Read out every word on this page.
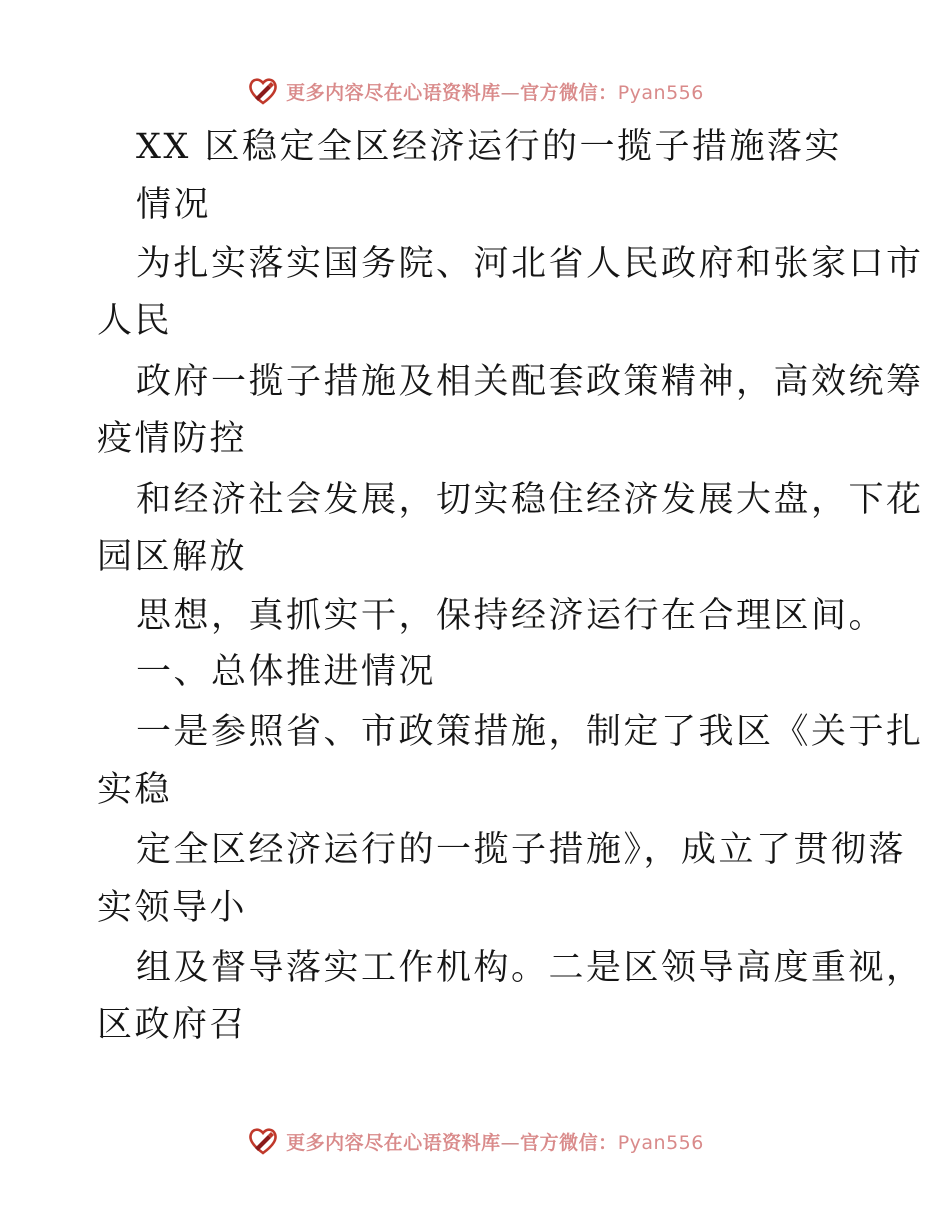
更多内容尽在心语资料库—官方微信：Pyan556
XX 区稳定全区经济运行的一揽子措施落实
情况
为扎实落实国务院、河北省人民政府和张家口市
人民
政府一揽子措施及相关配套政策精神，高效统筹
疫情防控
和经济社会发展，切实稳住经济发展大盘，下花
园区解放
思想，真抓实干，保持经济运行在合理区间。
一、总体推进情况
一是参照省、市政策措施，制定了我区《关于扎
实稳
定全区经济运行的一揽子措施》，成立了贯彻落
实领导小
组及督导落实工作机构。二是区领导高度重视，
区政府召
更多内容尽在心语资料库—官方微信：Pyan556
